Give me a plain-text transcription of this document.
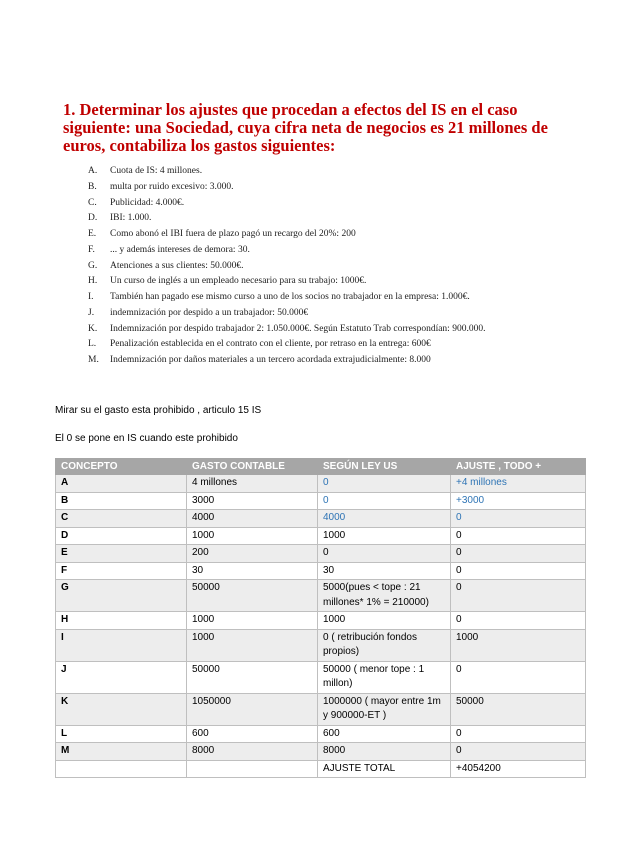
1. Determinar los ajustes que procedan a efectos del IS en el caso siguiente: una Sociedad, cuya cifra neta de negocios es 21 millones de euros, contabiliza los gastos siguientes:
A. Cuota de IS: 4 millones.
B. multa por ruido excesivo: 3.000.
C. Publicidad: 4.000€.
D. IBI: 1.000.
E. Como abonó el IBI fuera de plazo pagó un recargo del 20%: 200
F. ... y además intereses de demora: 30.
G. Atenciones a sus clientes: 50.000€.
H. Un curso de inglés a un empleado necesario para su trabajo: 1000€.
I. También han pagado ese mismo curso a uno de los socios no trabajador en la empresa: 1.000€.
J. indemnización por despido a un trabajador: 50.000€
K. Indemnización por despido trabajador 2: 1.050.000€. Según Estatuto Trab correspondían: 900.000.
L. Penalización establecida en el contrato con el cliente, por retraso en la entrega: 600€
M. Indemnización por daños materiales a un tercero acordada extrajudicialmente: 8.000

Mirar su el gasto esta prohibido , articulo 15 IS

El 0 se pone en IS cuando este prohibido

CONCEPTO	GASTO CONTABLE	SEGÚN LEY US	AJUSTE , TODO +
A	4 millones	0	+4 millones
B	3000	0	+3000
C	4000	4000	0
D	1000	1000	0
E	200	0	0
F	30	30	0
G	50000	5000(pues < tope : 21 millones* 1% = 210000)	0
H	1000	1000	0
I	1000	0 ( retribución fondos propios)	1000
J	50000	50000 ( menor tope : 1 millon)	0
K	1050000	1000000 ( mayor entre 1m y 900000-ET )	50000
L	600	600	0
M	8000	8000	0
		AJUSTE TOTAL	+4054200
